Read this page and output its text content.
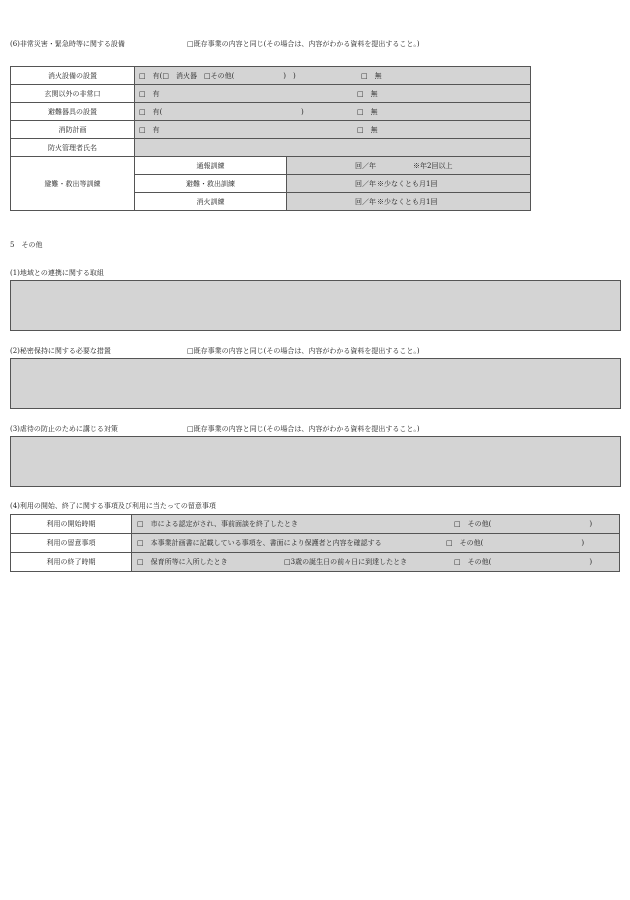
(6)非常災害・緊急時等に関する設備	□既存事業の内容と同じ(その場合は、内容がわかる資料を提出すること。)
消火設備の設置	□　有(□　消火器　□その他(　　　　　　　)　) □　無	

玄関以外の非常口	□　有 □　無	

避難器具の設置	□　有( ) □　無	

消防計画	□　有 □　無	

防火管理者氏名		
避難・救出等訓練	通報訓練	回／年 ※年2回以上

	避難・救出訓練	回／年 ※少なくとも月1回

	消火訓練	回／年 ※少なくとも月1回
5　その他
(1)地域との連携に関する取組
(2)秘密保持に関する必要な措置	□既存事業の内容と同じ(その場合は、内容がわかる資料を提出すること。)
(3)虐待の防止のために講じる対策	□既存事業の内容と同じ(その場合は、内容がわかる資料を提出すること。)
(4)利用の開始、終了に関する事項及び利用に当たっての留意事項
利用の開始時期	□　市による認定がされ、事前面談を終了したとき □　その他(　　　　　　　　　　　　　　)

利用の留意事項	□　本事業計画書に記載している事項を、書面により保護者と内容を確認する □　その他(　　　　　　　　　　　　　　)

利用の終了時期	□　保育所等に入所したとき □3歳の誕生日の前々日に到達したとき □　その他(　　　　　　　　　　　　　　)
